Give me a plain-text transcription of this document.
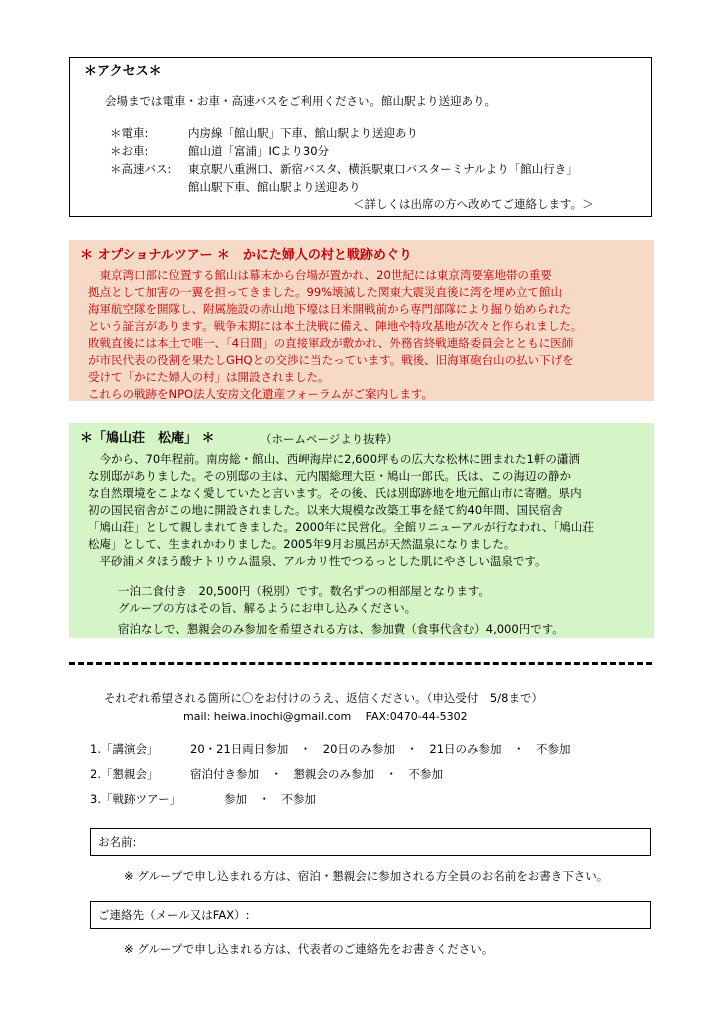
＊アクセス＊
会場までは電車・お車・高速バスをご利用ください。館山駅より送迎あり。
＊電車:	内房線「館山駅」下車、館山駅より送迎あり
＊お車:	館山道「富浦」ICより30分
＊高速バス: 東京駅八重洲口、新宿バスタ、横浜駅東口バスターミナルより「館山行き」
館山駅下車、館山駅より送迎あり
＜詳しくは出席の方へ改めてご連絡します。＞
＊ オプショナルツアー ＊　かにた婦人の村と戦跡めぐり
　東京湾口部に位置する館山は幕末から台場が置かれ、20世紀には東京湾要塞地帯の重要
拠点として加害の一翼を担ってきました。99%壊滅した関東大震災直後に湾を埋め立て館山
海軍航空隊を開隊し、附属施設の赤山地下壕は日米開戦前から専門部隊により掘り始められた
という証言があります。戦争末期には本土決戦に備え、陣地や特攻基地が次々と作られました。
敗戦直後には本土で唯一、「4日間」の直接軍政が敷かれ、外務省終戦連絡委員会とともに医師
が市民代表の役割を果たしGHQとの交渉に当たっています。戦後、旧海軍砲台山の払い下げを
受けて「かにた婦人の村」は開設されました。
これらの戦跡をNPO法人安房文化遺産フォーラムがご案内します。
＊「鳩山荘　松庵」 ＊	（ホームページより抜粋）
　今から、70年程前。南房総・館山、西岬海岸に2,600坪もの広大な松林に囲まれた1軒の瀟洒
な別邸がありました。その別邸の主は、元内閣総理大臣・鳩山一郎氏。氏は、この海辺の静か
な自然環境をこよなく愛していたと言います。その後、氏は別邸跡地を地元館山市に寄贈。県内
初の国民宿舎がこの地に開設されました。以来大規模な改築工事を経て約40年間、国民宿舎
「鳩山荘」として親しまれてきました。2000年に民営化。全館リニューアルが行なわれ、「鳩山荘
松庵」として、生まれかわりました。2005年9月お風呂が天然温泉になりました。
　平砂浦メタほう酸ナトリウム温泉、アルカリ性でつるっとした肌にやさしい温泉です。
一泊二食付き　20,500円（税別）です。数名ずつの相部屋となります。
グループの方はその旨、解るようにお申し込みください。
宿泊なしで、懇親会のみ参加を希望される方は、参加費（食事代含む）4,000円です。
それぞれ希望される箇所に〇をお付けのうえ、返信ください。（申込受付　5/8まで）
mail: heiwa.inochi@gmail.com　 FAX:0470-44-5302
1.「講演会」	20・21日両日参加　・　20日のみ参加　・　21日のみ参加　・　不参加
2.「懇親会」	宿泊付き参加　・　懇親会のみ参加　・　不参加
3.「戦跡ツアー」	参加　・　不参加
お名前:
※ グループで申し込まれる方は、宿泊・懇親会に参加される方全員のお名前をお書き下さい。
ご連絡先（メール又はFAX）:
※ グループで申し込まれる方は、代表者のご連絡先をお書きください。
